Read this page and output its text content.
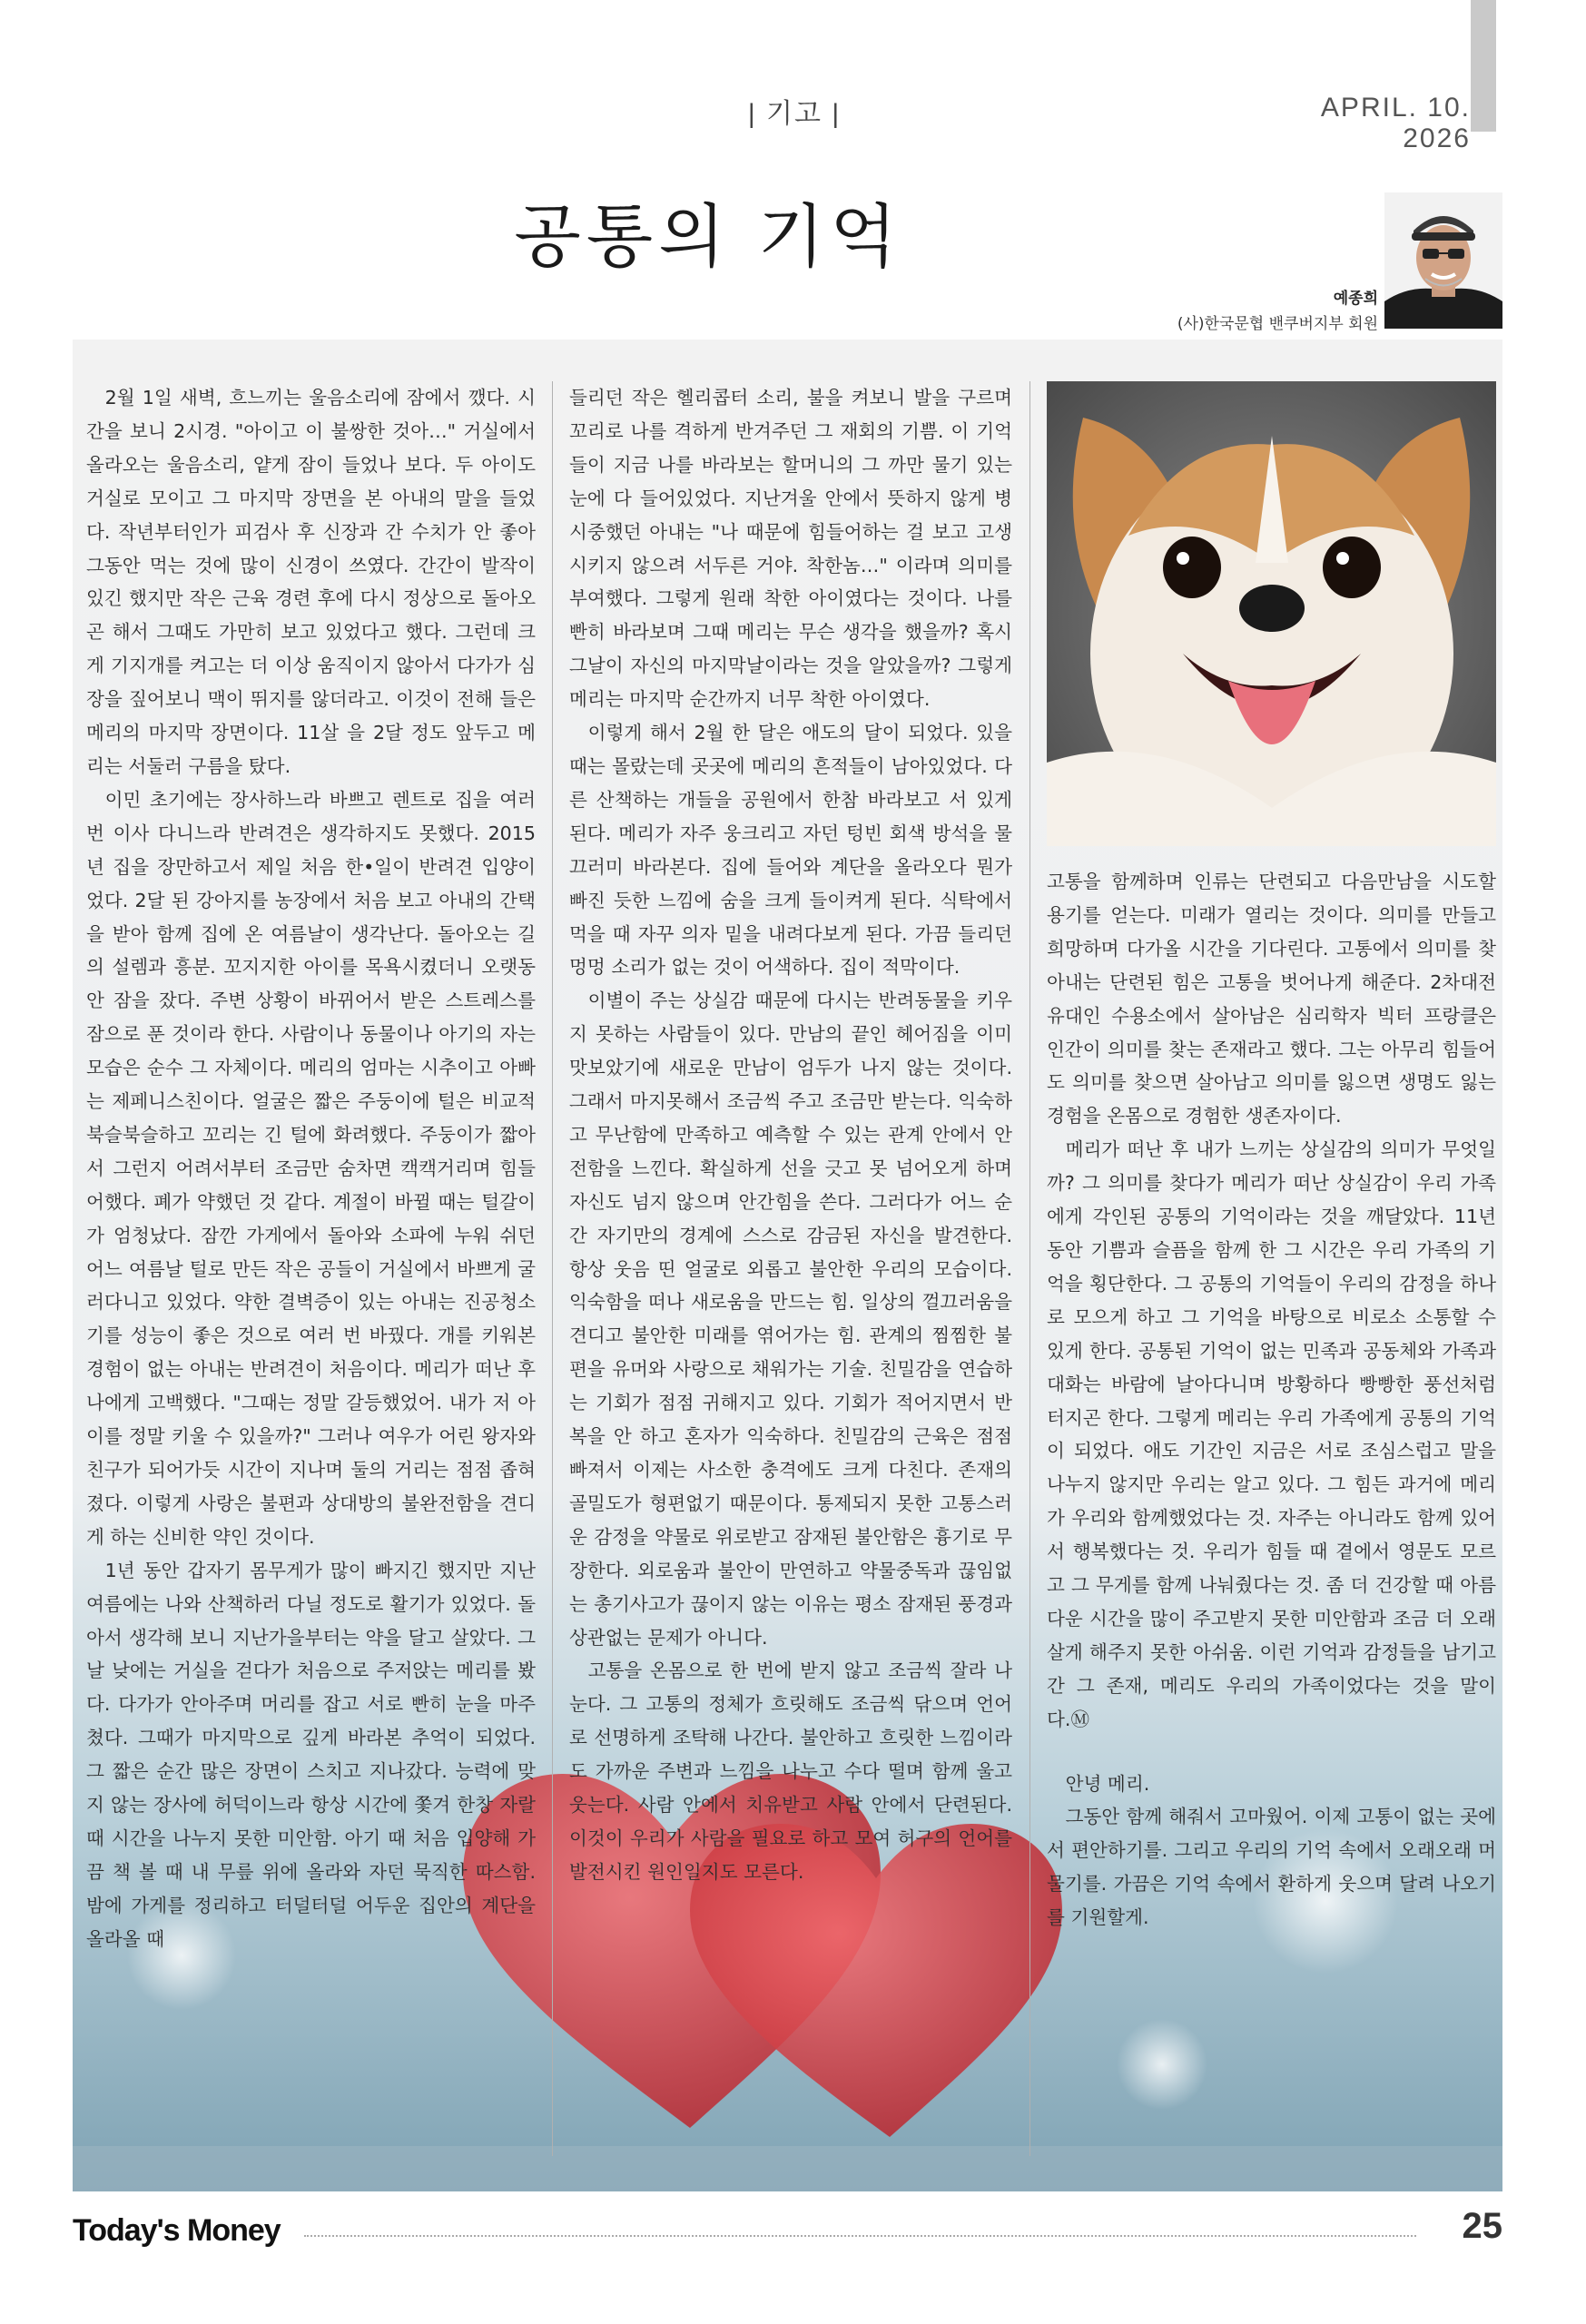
| 기고 |	APRIL. 10. 2026
공통의 기억
예종희
(사)한국문협 밴쿠버지부 회원

2월 1일 새벽, 흐느끼는 울음소리에 잠에서 깼다. 시간을 보니 2시경. "아이고 이 불쌍한 것아…" 거실에서 올라오는 울음소리, 얕게 잠이 들었나 보다. 두 아이도 거실로 모이고 그 마지막 장면을 본 아내의 말을 들었다. 작년부터인가 피검사 후 신장과 간 수치가 안 좋아 그동안 먹는 것에 많이 신경이 쓰였다. 간간이 발작이 있긴 했지만 작은 근육 경련 후에 다시 정상으로 돌아오곤 해서 그때도 가만히 보고 있었다고 했다. 그런데 크게 기지개를 켜고는 더 이상 움직이지 않아서 다가가 심장을 짚어보니 맥이 뛰지를 않더라고. 이것이 전해 들은 메리의 마지막 장면이다. 11살 을 2달 정도 앞두고 메리는 서둘러 구름을 탔다.

이민 초기에는 장사하느라 바쁘고 렌트로 집을 여러 번 이사 다니느라 반려견은 생각하지도 못했다. 2015년 집을 장만하고서 제일 처음 한•일이 반려견 입양이었다. 2달 된 강아지를 농장에서 처음 보고 아내의 간택을 받아 함께 집에 온 여름날이 생각난다. 돌아오는 길의 설렘과 흥분. 꼬지지한 아이를 목욕시켰더니 오랫동안 잠을 잤다. 주변 상황이 바뀌어서 받은 스트레스를 잠으로 푼 것이라 한다. 사람이나 동물이나 아기의 자는 모습은 순수 그 자체이다. 메리의 엄마는 시추이고 아빠는 제페니스친이다. 얼굴은 짧은 주둥이에 털은 비교적 북슬북슬하고 꼬리는 긴 털에 화려했다. 주둥이가 짧아서 그런지 어려서부터 조금만 숨차면 캑캑거리며 힘들어했다. 폐가 약했던 것 같다. 계절이 바뀔 때는 털갈이가 엄청났다. 잠깐 가게에서 돌아와 소파에 누워 쉬던 어느 여름날 털로 만든 작은 공들이 거실에서 바쁘게 굴러다니고 있었다. 약한 결벽증이 있는 아내는 진공청소기를 성능이 좋은 것으로 여러 번 바꿨다. 개를 키워본 경험이 없는 아내는 반려견이 처음이다. 메리가 떠난 후 나에게 고백했다. "그때는 정말 갈등했었어. 내가 저 아이를 정말 키울 수 있을까?" 그러나 여우가 어린 왕자와 친구가 되어가듯 시간이 지나며 둘의 거리는 점점 좁혀졌다. 이렇게 사랑은 불편과 상대방의 불완전함을 견디게 하는 신비한 약인 것이다.

1년 동안 갑자기 몸무게가 많이 빠지긴 했지만 지난 여름에는 나와 산책하러 다닐 정도로 활기가 있었다. 돌아서 생각해 보니 지난가을부터는 약을 달고 살았다. 그날 낮에는 거실을 걷다가 처음으로 주저앉는 메리를 봤다. 다가가 안아주며 머리를 잡고 서로 빤히 눈을 마주쳤다. 그때가 마지막으로 깊게 바라본 추억이 되었다. 그 짧은 순간 많은 장면이 스치고 지나갔다. 능력에 맞지 않는 장사에 허덕이느라 항상 시간에 쫓겨 한창 자랄 때 시간을 나누지 못한 미안함. 아기 때 처음 입양해 가끔 책 볼 때 내 무릎 위에 올라와 자던 묵직한 따스함. 밤에 가게를 정리하고 터덜터덜 어두운 집안의 계단을 올라올 때

들리던 작은 헬리콥터 소리, 불을 켜보니 발을 구르며 꼬리로 나를 격하게 반겨주던 그 재회의 기쁨. 이 기억들이 지금 나를 바라보는 할머니의 그 까만 물기 있는 눈에 다 들어있었다. 지난겨울 안에서 뜻하지 않게 병시중했던 아내는 "나 때문에 힘들어하는 걸 보고 고생시키지 않으려 서두른 거야. 착한놈…" 이라며 의미를 부여했다. 그렇게 원래 착한 아이였다는 것이다. 나를 빤히 바라보며 그때 메리는 무슨 생각을 했을까? 혹시 그날이 자신의 마지막날이라는 것을 알았을까? 그렇게 메리는 마지막 순간까지 너무 착한 아이였다.

이렇게 해서 2월 한 달은 애도의 달이 되었다. 있을 때는 몰랐는데 곳곳에 메리의 흔적들이 남아있었다. 다른 산책하는 개들을 공원에서 한참 바라보고 서 있게 된다. 메리가 자주 웅크리고 자던 텅빈 회색 방석을 물끄러미 바라본다. 집에 들어와 계단을 올라오다 뭔가 빠진 듯한 느낌에 숨을 크게 들이켜게 된다. 식탁에서 먹을 때 자꾸 의자 밑을 내려다보게 된다. 가끔 들리던 멍멍 소리가 없는 것이 어색하다. 집이 적막이다.

이별이 주는 상실감 때문에 다시는 반려동물을 키우지 못하는 사람들이 있다. 만남의 끝인 헤어짐을 이미 맛보았기에 새로운 만남이 엄두가 나지 않는 것이다. 그래서 마지못해서 조금씩 주고 조금만 받는다. 익숙하고 무난함에 만족하고 예측할 수 있는 관계 안에서 안전함을 느낀다. 확실하게 선을 긋고 못 넘어오게 하며 자신도 넘지 않으며 안간힘을 쓴다. 그러다가 어느 순간 자기만의 경계에 스스로 감금된 자신을 발견한다. 항상 웃음 띤 얼굴로 외롭고 불안한 우리의 모습이다. 익숙함을 떠나 새로움을 만드는 힘. 일상의 껄끄러움을 견디고 불안한 미래를 엮어가는 힘. 관계의 찜찜한 불편을 유머와 사랑으로 채워가는 기술. 친밀감을 연습하는 기회가 점점 귀해지고 있다. 기회가 적어지면서 반복을 안 하고 혼자가 익숙하다. 친밀감의 근육은 점점 빠져서 이제는 사소한 충격에도 크게 다친다. 존재의 골밀도가 형편없기 때문이다. 통제되지 못한 고통스러운 감정을 약물로 위로받고 잠재된 불안함은 흉기로 무장한다. 외로움과 불안이 만연하고 약물중독과 끊임없는 총기사고가 끊이지 않는 이유는 평소 잠재된 풍경과 상관없는 문제가 아니다.

고통을 온몸으로 한 번에 받지 않고 조금씩 잘라 나눈다. 그 고통의 정체가 흐릿해도 조금씩 닦으며 언어로 선명하게 조탁해 나간다. 불안하고 흐릿한 느낌이라도 가까운 주변과 느낌을 나누고 수다 떨며 함께 울고 웃는다. 사람 안에서 치유받고 사람 안에서 단련된다. 이것이 우리가 사람을 필요로 하고 모여 허구의 언어를 발전시킨 원인일지도 모른다.

고통을 함께하며 인류는 단련되고 다음만남을 시도할 용기를 얻는다. 미래가 열리는 것이다. 의미를 만들고 희망하며 다가올 시간을 기다린다. 고통에서 의미를 찾아내는 단련된 힘은 고통을 벗어나게 해준다. 2차대전 유대인 수용소에서 살아남은 심리학자 빅터 프랑클은 인간이 의미를 찾는 존재라고 했다. 그는 아무리 힘들어도 의미를 찾으면 살아남고 의미를 잃으면 생명도 잃는 경험을 온몸으로 경험한 생존자이다.

메리가 떠난 후 내가 느끼는 상실감의 의미가 무엇일까? 그 의미를 찾다가 메리가 떠난 상실감이 우리 가족에게 각인된 공통의 기억이라는 것을 깨달았다. 11년 동안 기쁨과 슬픔을 함께 한 그 시간은 우리 가족의 기억을 횡단한다. 그 공통의 기억들이 우리의 감정을 하나로 모으게 하고 그 기억을 바탕으로 비로소 소통할 수 있게 한다. 공통된 기억이 없는 민족과 공동체와 가족과 대화는 바람에 날아다니며 방황하다 빵빵한 풍선처럼 터지곤 한다. 그렇게 메리는 우리 가족에게 공통의 기억이 되었다. 애도 기간인 지금은 서로 조심스럽고 말을 나누지 않지만 우리는 알고 있다. 그 힘든 과거에 메리가 우리와 함께했었다는 것. 자주는 아니라도 함께 있어서 행복했다는 것. 우리가 힘들 때 곁에서 영문도 모르고 그 무게를 함께 나눠줬다는 것. 좀 더 건강할 때 아름다운 시간을 많이 주고받지 못한 미안함과 조금 더 오래 살게 해주지 못한 아쉬움. 이런 기억과 감정들을 남기고 간 그 존재, 메리도 우리의 가족이었다는 것을 말이다.Ⓜ

안녕 메리.

그동안 함께 해줘서 고마웠어. 이제 고통이 없는 곳에서 편안하기를. 그리고 우리의 기억 속에서 오래오래 머물기를. 가끔은 기억 속에서 환하게 웃으며 달려 나오기를 기원할게.

Today's Money	25
